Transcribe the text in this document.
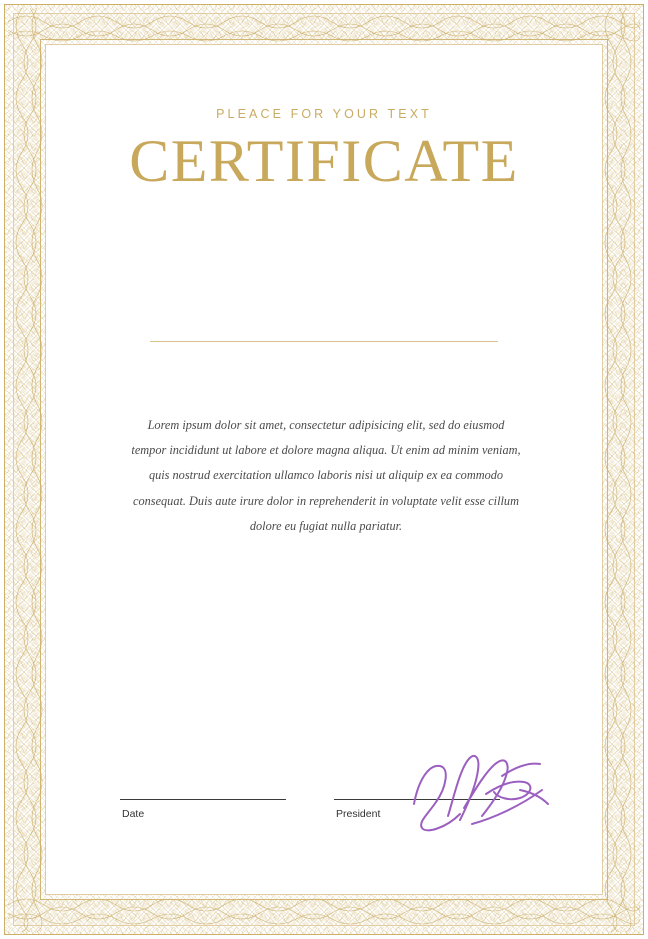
PLEACE FOR YOUR TEXT
CERTIFICATE
Lorem ipsum dolor sit amet, consectetur adipisicing elit, sed do eiusmod tempor incididunt ut labore et dolore magna aliqua. Ut enim ad minim veniam, quis nostrud exercitation ullamco laboris nisi ut aliquip ex ea commodo consequat. Duis aute irure dolor in reprehenderit in voluptate velit esse cillum dolore eu fugiat nulla pariatur.
Date	President
